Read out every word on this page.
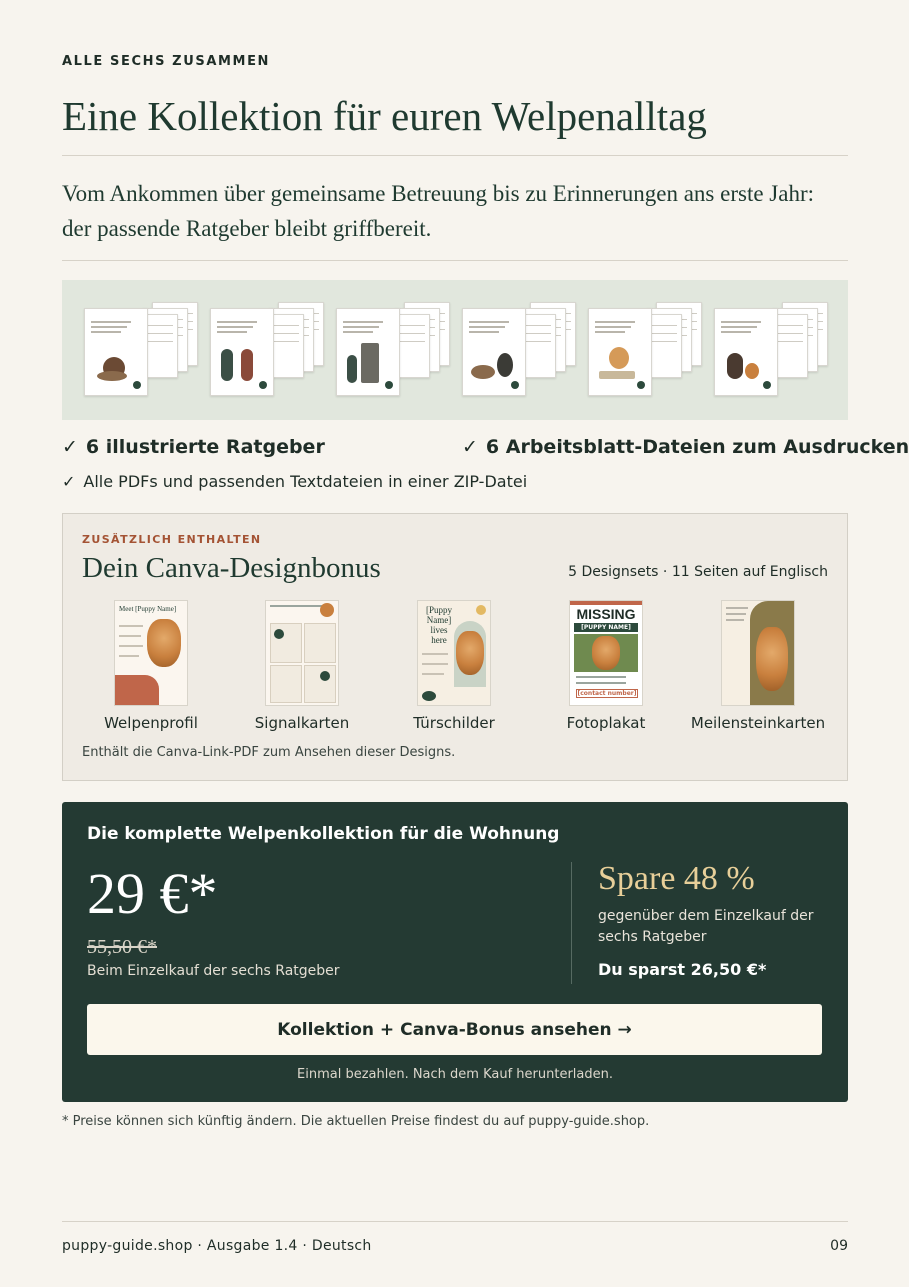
ALLE SECHS ZUSAMMEN
Eine Kollektion für euren Welpenalltag

Vom Ankommen über gemeinsame Betreuung bis zu Erinnerungen ans erste Jahr: der passende Ratgeber bleibt griffbereit.

✓ 6 illustrierte Ratgeber	✓ 6 Arbeitsblatt-Dateien zum Ausdrucken
✓ Alle PDFs und passenden Textdateien in einer ZIP-Datei
ZUSÄTZLICH ENTHALTEN
Dein Canva-Designbonus	5 Designsets · 11 Seiten auf Englisch
Meet [Puppy Name]
Welpenprofil	Signalkarten
[Puppy Name] lives here
Türschilder
MISSING
[PUPPY NAME]
[contact number]
Fotoplakat	Meilensteinkarten
Enthält die Canva-Link-PDF zum Ansehen dieser Designs.
Die komplette Welpenkollektion für die Wohnung
29 €*
55,50 €*
Beim Einzelkauf der sechs Ratgeber
Spare 48 %
gegenüber dem Einzelkauf der sechs Ratgeber
Du sparst 26,50 €*
Kollektion + Canva-Bonus ansehen →
Einmal bezahlen. Nach dem Kauf herunterladen.
* Preise können sich künftig ändern. Die aktuellen Preise findest du auf puppy-guide.shop.
puppy-guide.shop · Ausgabe 1.4 · Deutsch	09
